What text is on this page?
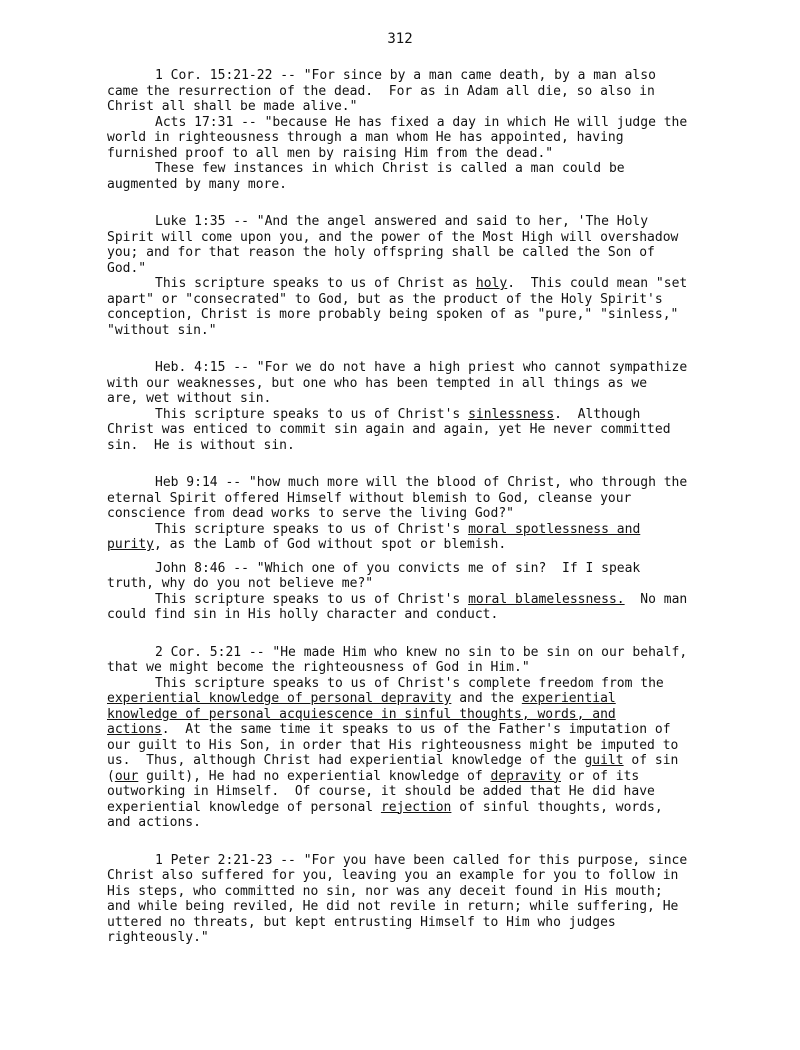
312
1 Cor. 15:21-22 -- "For since by a man came death, by a man also
came the resurrection of the dead.  For as in Adam all die, so also in
Christ all shall be made alive."
Acts 17:31 -- "because He has fixed a day in which He will judge the
world in righteousness through a man whom He has appointed, having
furnished proof to all men by raising Him from the dead."
These few instances in which Christ is called a man could be
augmented by many more.
Luke 1:35 -- "And the angel answered and said to her, 'The Holy
Spirit will come upon you, and the power of the Most High will overshadow
you; and for that reason the holy offspring shall be called the Son of
God."
This scripture speaks to us of Christ as holy.  This could mean "set
apart" or "consecrated" to God, but as the product of the Holy Spirit's
conception, Christ is more probably being spoken of as "pure," "sinless,"
"without sin."
Heb. 4:15 -- "For we do not have a high priest who cannot sympathize
with our weaknesses, but one who has been tempted in all things as we
are, wet without sin.
This scripture speaks to us of Christ's sinlessness.  Although
Christ was enticed to commit sin again and again, yet He never committed
sin.  He is without sin.
Heb 9:14 -- "how much more will the blood of Christ, who through the
eternal Spirit offered Himself without blemish to God, cleanse your
conscience from dead works to serve the living God?"
This scripture speaks to us of Christ's moral spotlessness and
purity, as the Lamb of God without spot or blemish.
John 8:46 -- "Which one of you convicts me of sin?  If I speak
truth, why do you not believe me?"
This scripture speaks to us of Christ's moral blamelessness.  No man
could find sin in His holly character and conduct.
2 Cor. 5:21 -- "He made Him who knew no sin to be sin on our behalf,
that we might become the righteousness of God in Him."
This scripture speaks to us of Christ's complete freedom from the
experiential knowledge of personal depravity and the experiential
knowledge of personal acquiescence in sinful thoughts, words, and
actions.  At the same time it speaks to us of the Father's imputation of
our guilt to His Son, in order that His righteousness might be imputed to
us.  Thus, although Christ had experiential knowledge of the guilt of sin
(our guilt), He had no experiential knowledge of depravity or of its
outworking in Himself.  Of course, it should be added that He did have
experiential knowledge of personal rejection of sinful thoughts, words,
and actions.
1 Peter 2:21-23 -- "For you have been called for this purpose, since
Christ also suffered for you, leaving you an example for you to follow in
His steps, who committed no sin, nor was any deceit found in His mouth;
and while being reviled, He did not revile in return; while suffering, He
uttered no threats, but kept entrusting Himself to Him who judges
righteously."
